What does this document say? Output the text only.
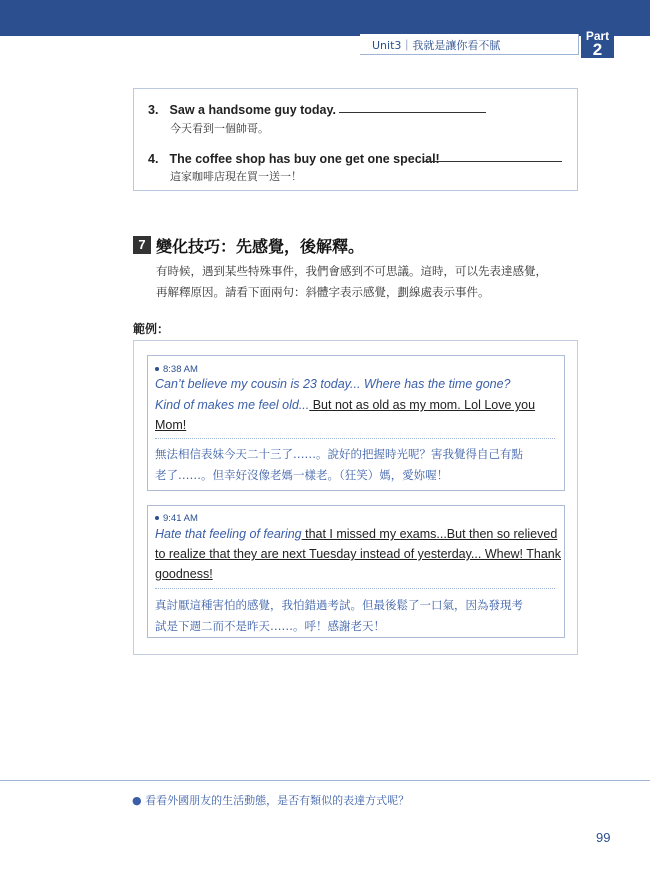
Unit3｜我就是讓你看不膩
Part
2
3. Saw a handsome guy today.
今天看到一個帥哥。
4. The coffee shop has buy one get one special!
這家咖啡店現在買一送一！
7 變化技巧：先感覺，後解釋。
有時候，遇到某些特殊事件，我們會感到不可思議。這時，可以先表達感覺，
再解釋原因。請看下面兩句：斜體字表示感覺，劃線處表示事件。
範例：
8:38 AM
Can’t believe my cousin is 23 today... Where has the time gone?
Kind of makes me feel old... But not as old as my mom. Lol Love you
Mom!
無法相信表妹今天二十三了……。說好的把握時光呢？害我覺得自己有點
老了……。但幸好沒像老媽一樣老。（狂笑）媽，愛妳喔！
9:41 AM
Hate that feeling of fearing that I missed my exams...But then so relieved
to realize that they are next Tuesday instead of yesterday... Whew! Thank
goodness!
真討厭這種害怕的感覺，我怕錯過考試。但最後鬆了一口氣，因為發現考
試是下週二而不是昨天……。呼！感謝老天！
● 看看外國朋友的生活動態，是否有類似的表達方式呢？
99
